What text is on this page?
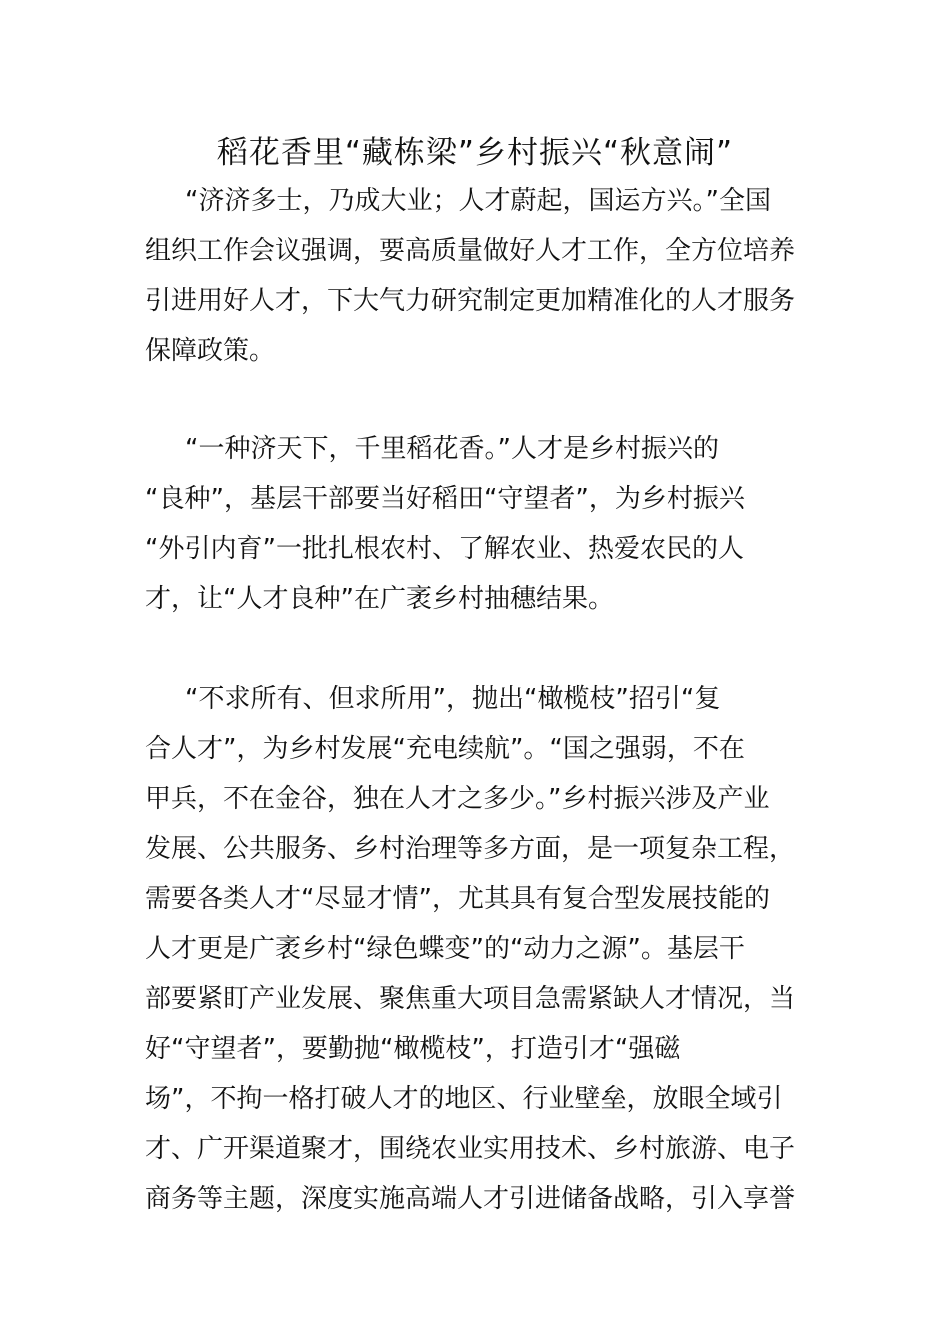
稻花香里“藏栋梁”乡村振兴“秋意闹”
“济济多士，乃成大业；人才蔚起，国运方兴。”全国
组织工作会议强调，要高质量做好人才工作，全方位培养
引进用好人才，下大气力研究制定更加精准化的人才服务
保障政策。
“一种济天下，千里稻花香。”人才是乡村振兴的
“良种”，基层干部要当好稻田“守望者”，为乡村振兴
“外引内育”一批扎根农村、了解农业、热爱农民的人
才，让“人才良种”在广袤乡村抽穗结果。
“不求所有、但求所用”，抛出“橄榄枝”招引“复
合人才”，为乡村发展“充电续航”。“国之强弱，不在
甲兵，不在金谷，独在人才之多少。”乡村振兴涉及产业
发展、公共服务、乡村治理等多方面，是一项复杂工程，
需要各类人才“尽显才情”，尤其具有复合型发展技能的
人才更是广袤乡村“绿色蝶变”的“动力之源”。基层干
部要紧盯产业发展、聚焦重大项目急需紧缺人才情况，当
好“守望者”，要勤抛“橄榄枝”，打造引才“强磁
场”，不拘一格打破人才的地区、行业壁垒，放眼全域引
才、广开渠道聚才，围绕农业实用技术、乡村旅游、电子
商务等主题，深度实施高端人才引进储备战略，引入享誉
